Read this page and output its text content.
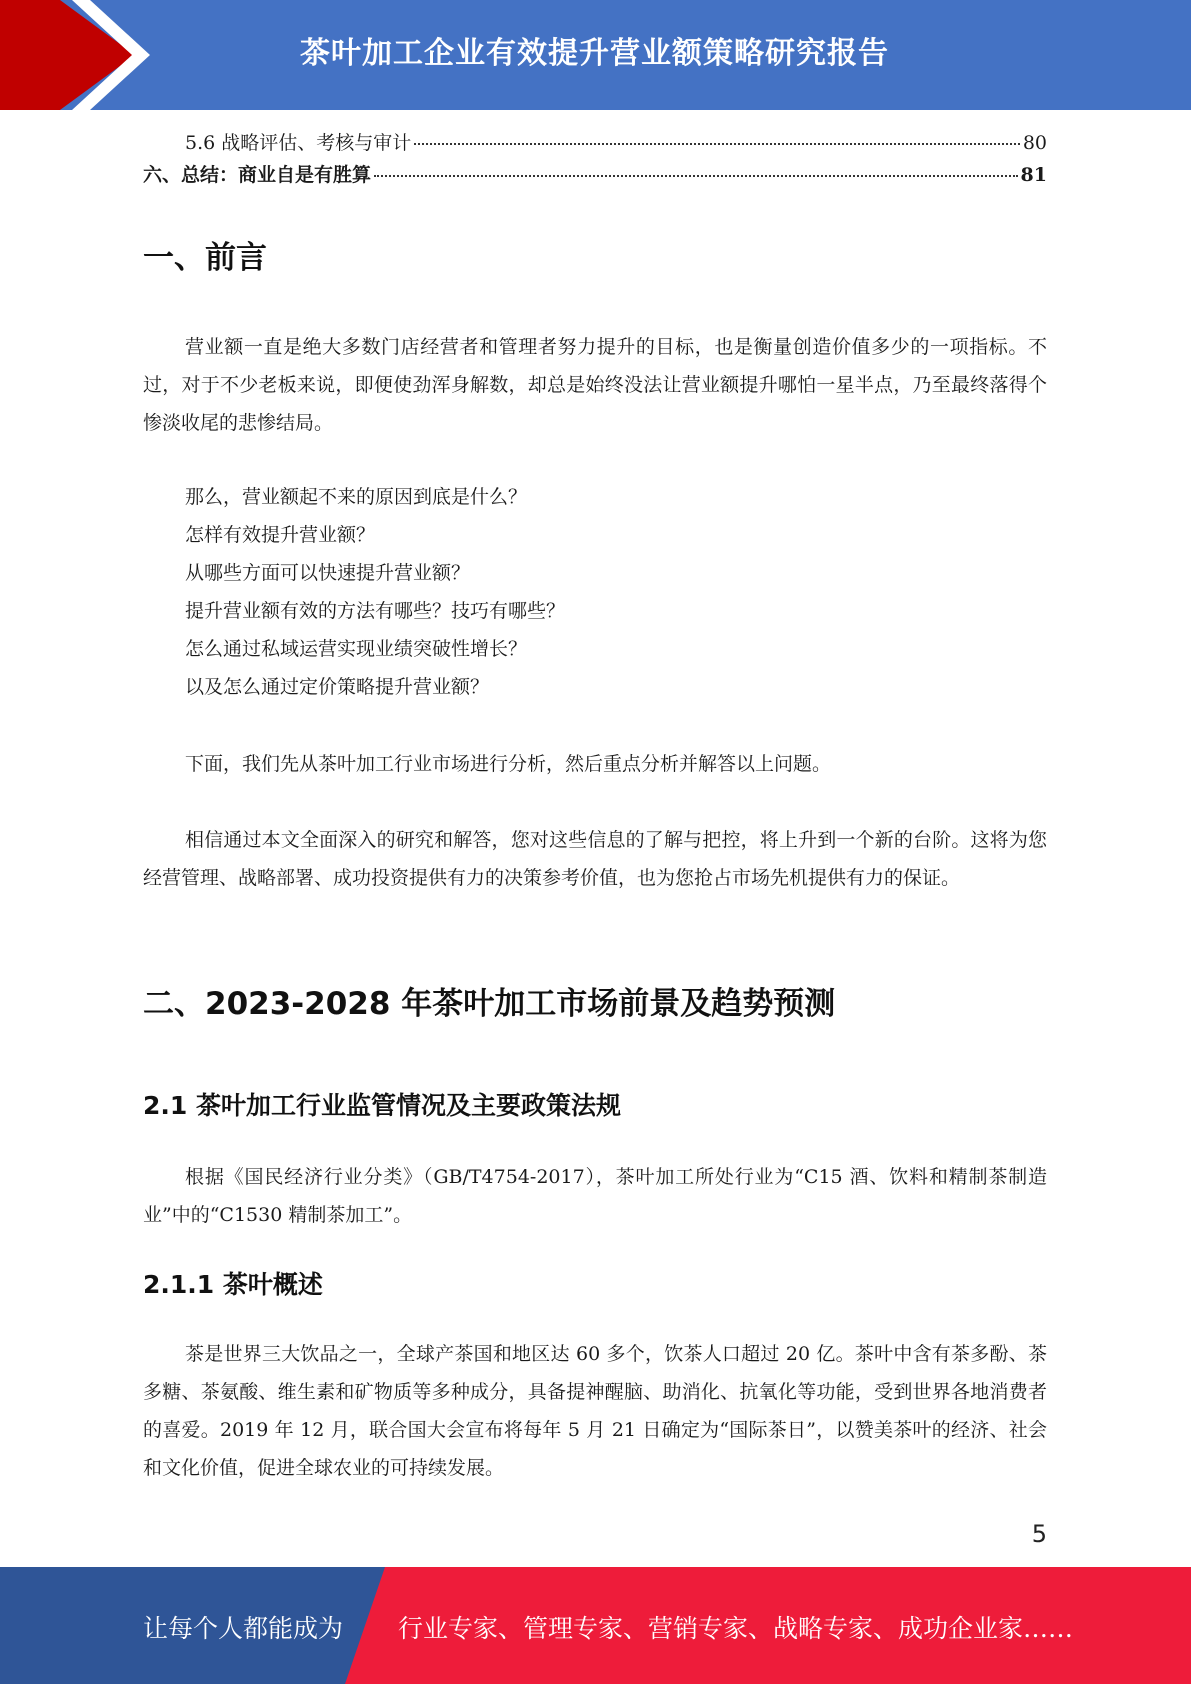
茶叶加工企业有效提升营业额策略研究报告
5.6 战略评估、考核与审计	80
六、总结：商业自是有胜算	81
一、前言

营业额一直是绝大多数门店经营者和管理者努力提升的目标，也是衡量创造价值多少的一项指标。不过，对于不少老板来说，即便使劲浑身解数，却总是始终没法让营业额提升哪怕一星半点，乃至最终落得个惨淡收尾的悲惨结局。

那么，营业额起不来的原因到底是什么？
怎样有效提升营业额？
从哪些方面可以快速提升营业额？
提升营业额有效的方法有哪些？技巧有哪些？
怎么通过私域运营实现业绩突破性增长？
以及怎么通过定价策略提升营业额？

下面，我们先从茶叶加工行业市场进行分析，然后重点分析并解答以上问题。

相信通过本文全面深入的研究和解答，您对这些信息的了解与把控，将上升到一个新的台阶。这将为您经营管理、战略部署、成功投资提供有力的决策参考价值，也为您抢占市场先机提供有力的保证。

二、2023-2028 年茶叶加工市场前景及趋势预测
2.1 茶叶加工行业监管情况及主要政策法规

根据《国民经济行业分类》（GB/T4754-2017），茶叶加工所处行业为“C15 酒、饮料和精制茶制造业”中的“C1530 精制茶加工”。

2.1.1 茶叶概述

茶是世界三大饮品之一，全球产茶国和地区达 60 多个，饮茶人口超过 20 亿。茶叶中含有茶多酚、茶多糖、茶氨酸、维生素和矿物质等多种成分，具备提神醒脑、助消化、抗氧化等功能，受到世界各地消费者的喜爱。2019 年 12 月，联合国大会宣布将每年 5 月 21 日确定为“国际茶日”，以赞美茶叶的经济、社会和文化价值，促进全球农业的可持续发展。

5
让每个人都能成为 行业专家、管理专家、营销专家、战略专家、成功企业家……
